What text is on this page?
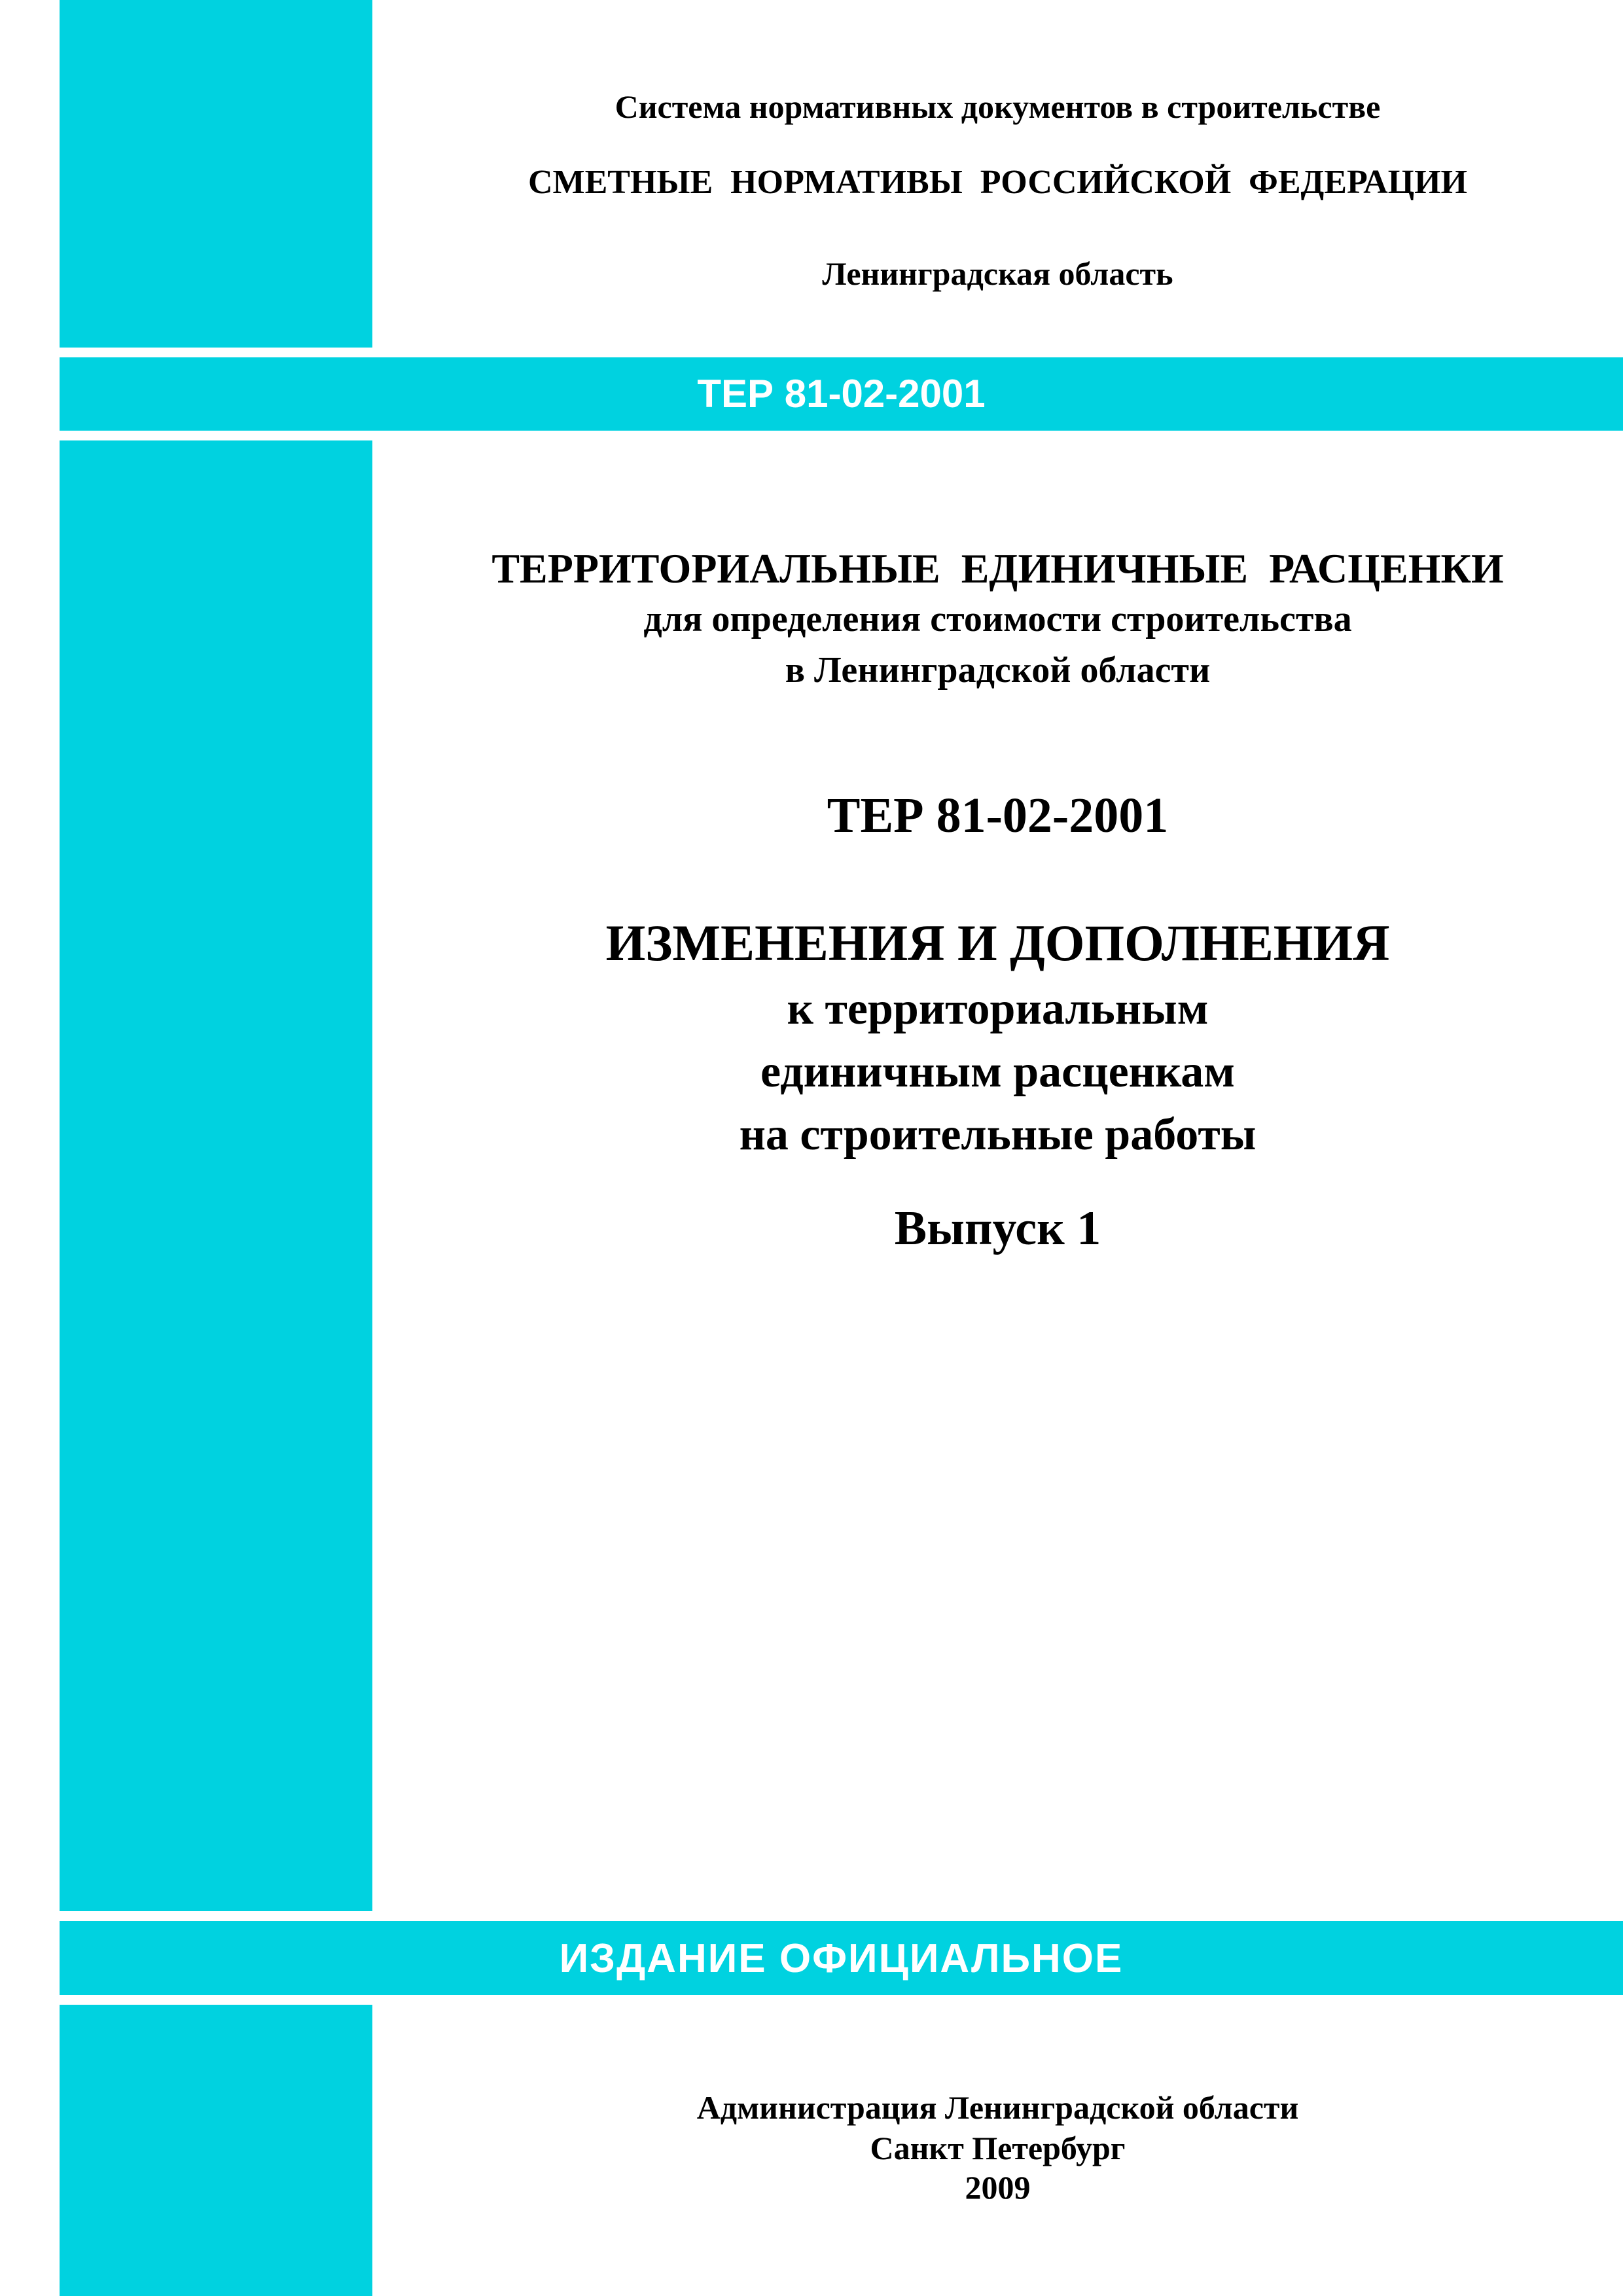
ТЕР 81-02-2001
ИЗДАНИЕ ОФИЦИАЛЬНОЕ
Система нормативных документов в строительстве
СМЕТНЫЕ НОРМАТИВЫ РОССИЙСКОЙ ФЕДЕРАЦИИ
Ленинградская область
ТЕРРИТОРИАЛЬНЫЕ ЕДИНИЧНЫЕ РАСЦЕНКИ
для определения стоимости строительства
в Ленинградской области
ТЕР 81-02-2001
ИЗМЕНЕНИЯ И ДОПОЛНЕНИЯ
к территориальным
единичным расценкам
на строительные работы
Выпуск 1
Администрация Ленинградской области
Санкт Петербург
2009
